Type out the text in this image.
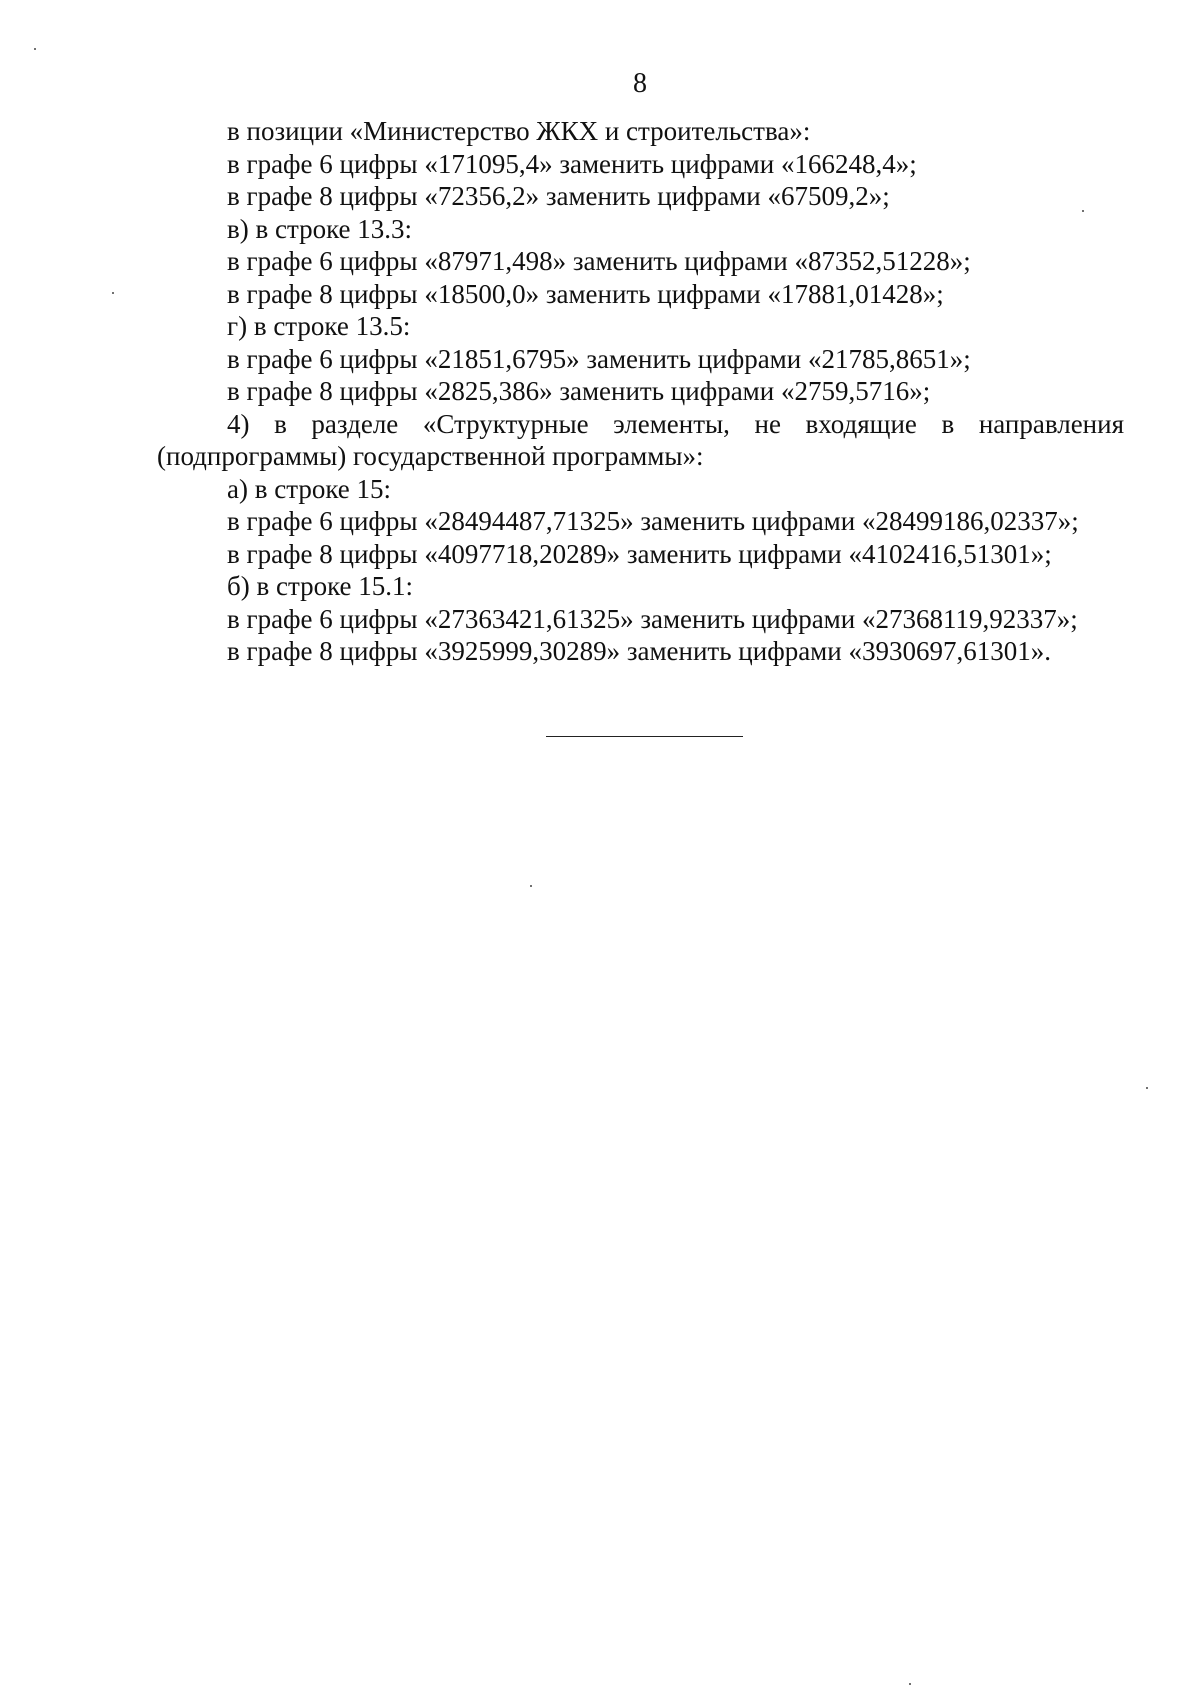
8
в позиции «Министерство ЖКХ и строительства»:
в графе 6 цифры «171095,4» заменить цифрами «166248,4»;
в графе 8 цифры «72356,2» заменить цифрами «67509,2»;
в) в строке 13.3:
в графе 6 цифры «87971,498» заменить цифрами «87352,51228»;
в графе 8 цифры «18500,0» заменить цифрами «17881,01428»;
г) в строке 13.5:
в графе 6 цифры «21851,6795» заменить цифрами «21785,8651»;
в графе 8 цифры «2825,386» заменить цифрами «2759,5716»;
4) в разделе «Структурные элементы, не входящие в направления
(подпрограммы) государственной программы»:
а) в строке 15:
в графе 6 цифры «28494487,71325» заменить цифрами «28499186,02337»;
в графе 8 цифры «4097718,20289» заменить цифрами «4102416,51301»;
б) в строке 15.1:
в графе 6 цифры «27363421,61325» заменить цифрами «27368119,92337»;
в графе 8 цифры «3925999,30289» заменить цифрами «3930697,61301».
